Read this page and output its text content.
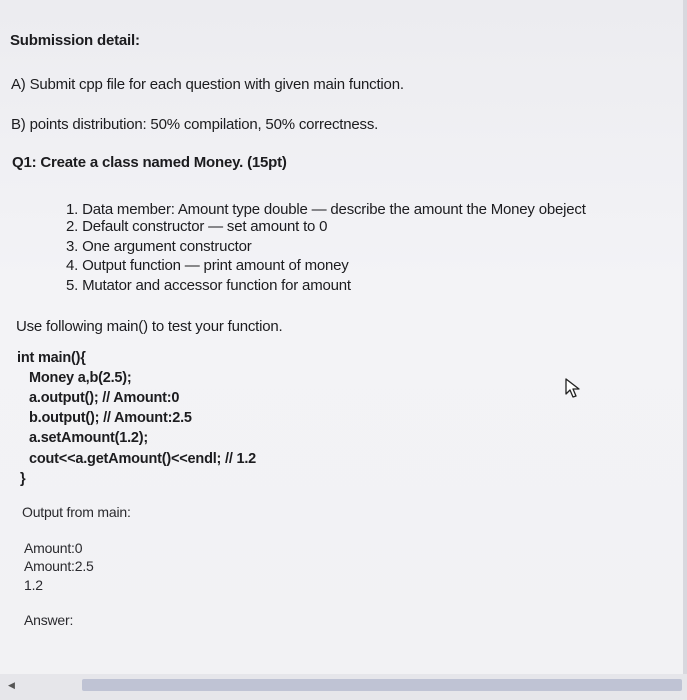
Submission detail:
A) Submit cpp file for each question with given main function.
B) points distribution: 50% compilation, 50% correctness.
Q1: Create a class named Money. (15pt)
1. Data member: Amount type double — describe the amount the Money obeject
2. Default constructor — set amount to 0
3. One argument constructor
4. Output function — print amount of money
5. Mutator and accessor function for amount
Use following main() to test your function.
int main(){
Money a,b(2.5);
a.output(); // Amount:0
b.output(); // Amount:2.5
a.setAmount(1.2);
cout<<a.getAmount()<<endl; // 1.2
}
Output from main:
Amount:0
Amount:2.5
1.2
Answer:
◀
